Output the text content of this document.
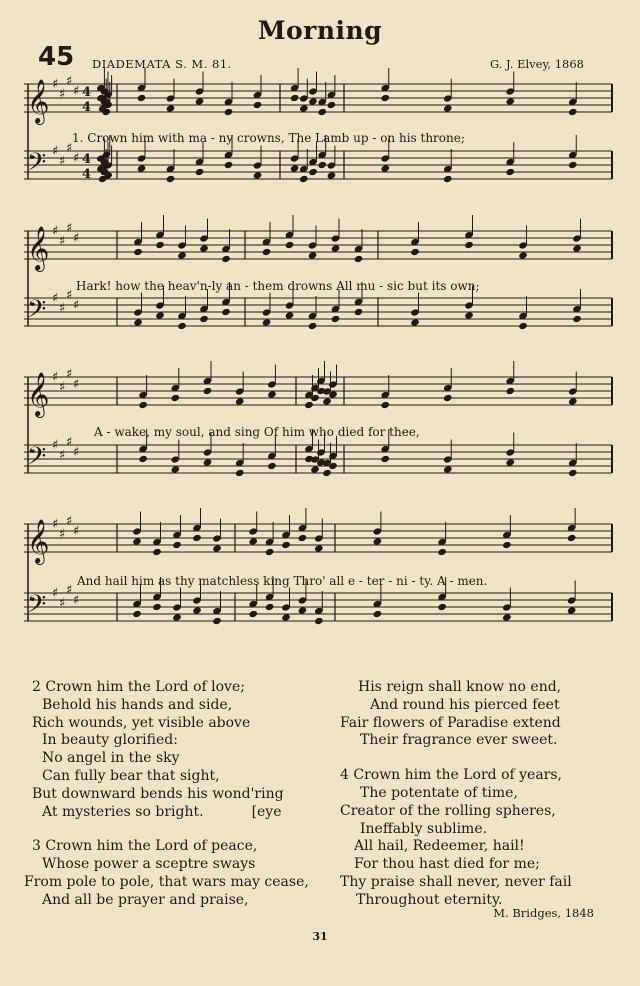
Morning
45 DIADEMATA S. M. 81.	G. J. Elvey, 1868
𝄞 ♯
♯
♯
♯ 4
4
𝄢 ♯
♯
♯
♯ 4
4
𝄞 ♯
♯
♯
♯
𝄢 ♯
♯
♯
♯
𝄞 ♯
♯
♯
♯
𝄢 ♯
♯
♯
♯
𝄞 ♯
♯
♯
♯
𝄢 ♯
♯
♯
♯
1. Crown him with ma - ny crowns, The Lamb up - on his throne;
Hark! how the heav'n-ly an - them drowns All mu - sic but its own;
A - wake, my soul, and sing Of him who died for thee,
And hail him as thy matchless king Thro' all e - ter - ni - ty. A - men.
2 Crown him the Lord of love;
Behold his hands and side,
Rich wounds, yet visible above
In beauty glorified:
No angel in the sky
Can fully bear that sight,
But downward bends his wond'ring
At mysteries so bright.	[eye
3 Crown him the Lord of peace,
Whose power a sceptre sways
From pole to pole, that wars may cease,
And all be prayer and praise,
His reign shall know no end,
And round his pierced feet
Fair flowers of Paradise extend
Their fragrance ever sweet.
4 Crown him the Lord of years,
The potentate of time,
Creator of the rolling spheres,
Ineffably sublime.
All hail, Redeemer, hail!
For thou hast died for me;
Thy praise shall never, never fail
Throughout eternity.
M. Bridges, 1848
31
